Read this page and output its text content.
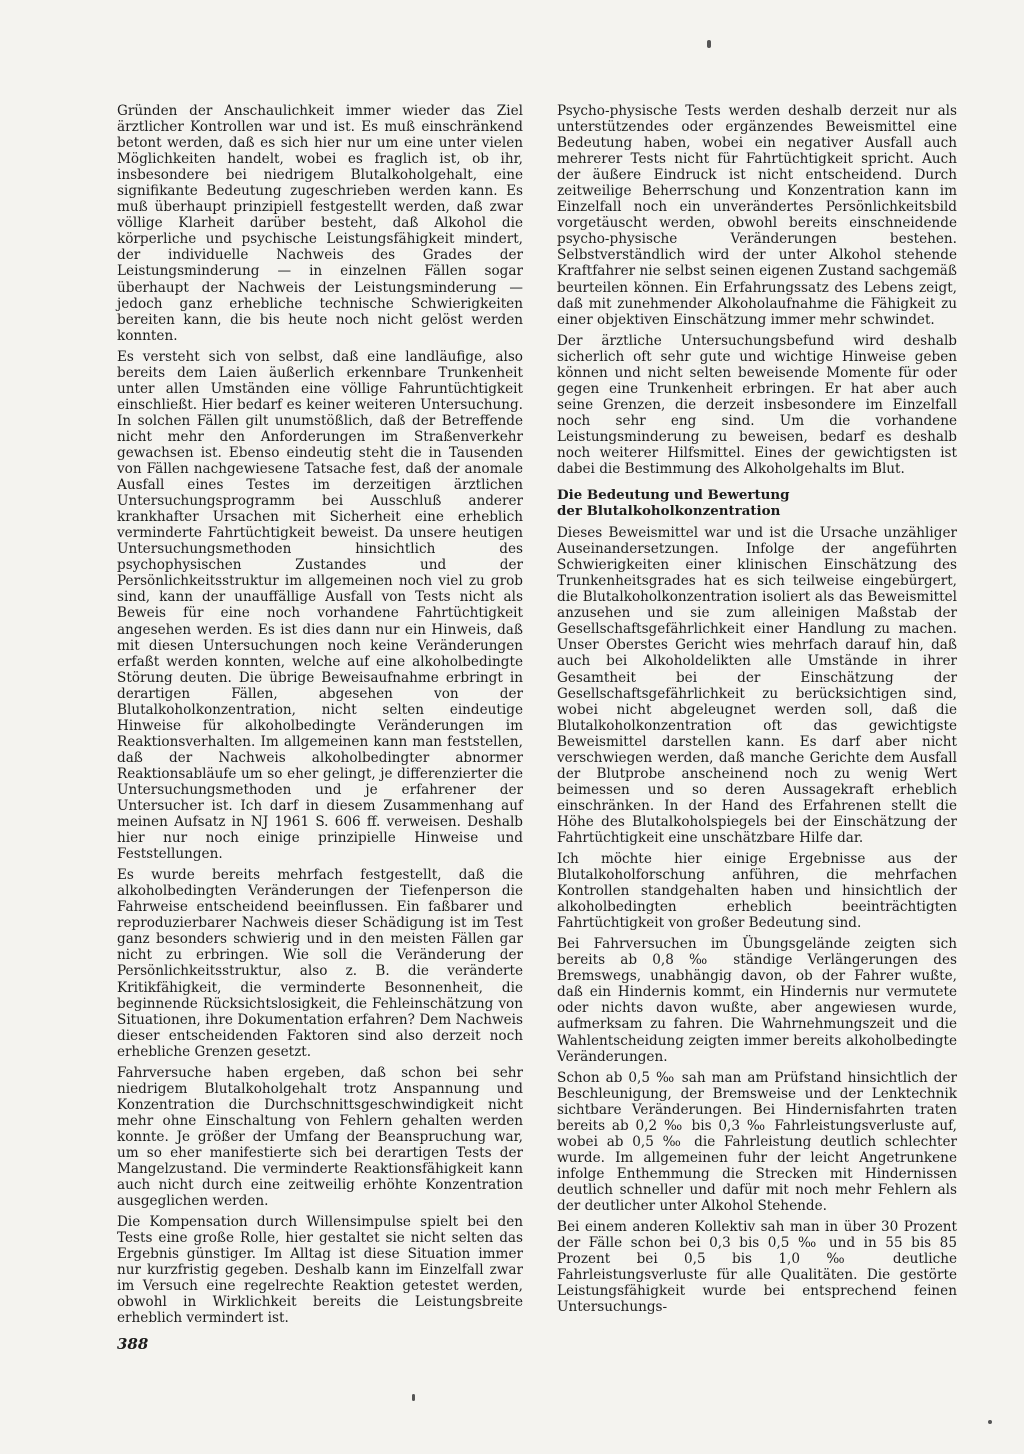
Gründen der Anschaulichkeit immer wieder das Ziel ärztlicher Kontrollen war und ist. Es muß einschränkend betont werden, daß es sich hier nur um eine unter vielen Möglichkeiten handelt, wobei es fraglich ist, ob ihr, insbesondere bei niedrigem Blutalkoholgehalt, eine signifikante Bedeutung zugeschrieben werden kann. Es muß überhaupt prinzipiell festgestellt werden, daß zwar völlige Klarheit darüber besteht, daß Alkohol die körperliche und psychische Leistungsfähigkeit mindert, der individuelle Nachweis des Grades der Leistungsminderung — in einzelnen Fällen sogar überhaupt der Nachweis der Leistungsminderung — jedoch ganz erhebliche technische Schwierigkeiten bereiten kann, die bis heute noch nicht gelöst werden konnten.

Es versteht sich von selbst, daß eine landläufige, also bereits dem Laien äußerlich erkennbare Trunkenheit unter allen Umständen eine völlige Fahruntüchtigkeit einschließt. Hier bedarf es keiner weiteren Untersuchung. In solchen Fällen gilt unumstößlich, daß der Betreffende nicht mehr den Anforderungen im Straßenverkehr gewachsen ist. Ebenso eindeutig steht die in Tausenden von Fällen nachgewiesene Tatsache fest, daß der anomale Ausfall eines Testes im derzeitigen ärztlichen Untersuchungsprogramm bei Ausschluß anderer krankhafter Ursachen mit Sicherheit eine erheblich verminderte Fahrtüchtigkeit beweist. Da unsere heutigen Untersuchungsmethoden hinsichtlich des psychophysischen Zustandes und der Persönlichkeitsstruktur im allgemeinen noch viel zu grob sind, kann der unauffällige Ausfall von Tests nicht als Beweis für eine noch vorhandene Fahrtüchtigkeit angesehen werden. Es ist dies dann nur ein Hinweis, daß mit diesen Untersuchungen noch keine Veränderungen erfaßt werden konnten, welche auf eine alkoholbedingte Störung deuten. Die übrige Beweisaufnahme erbringt in derartigen Fällen, abgesehen von der Blutalkoholkonzentration, nicht selten eindeutige Hinweise für alkoholbedingte Veränderungen im Reaktionsverhalten. Im allgemeinen kann man feststellen, daß der Nachweis alkoholbedingter abnormer Reaktionsabläufe um so eher gelingt, je differenzierter die Untersuchungsmethoden und je erfahrener der Untersucher ist. Ich darf in diesem Zusammenhang auf meinen Aufsatz in NJ 1961 S. 606 ff. verweisen. Deshalb hier nur noch einige prinzipielle Hinweise und Feststellungen.

Es wurde bereits mehrfach festgestellt, daß die alkoholbedingten Veränderungen der Tiefenperson die Fahrweise entscheidend beeinflussen. Ein faßbarer und reproduzierbarer Nachweis dieser Schädigung ist im Test ganz besonders schwierig und in den meisten Fällen gar nicht zu erbringen. Wie soll die Veränderung der Persönlichkeitsstruktur, also z. B. die veränderte Kritikfähigkeit, die verminderte Besonnenheit, die beginnende Rücksichtslosigkeit, die Fehleinschätzung von Situationen, ihre Dokumentation erfahren? Dem Nachweis dieser entscheidenden Faktoren sind also derzeit noch erhebliche Grenzen gesetzt.

Fahrversuche haben ergeben, daß schon bei sehr niedrigem Blutalkoholgehalt trotz Anspannung und Konzentration die Durchschnittsgeschwindigkeit nicht mehr ohne Einschaltung von Fehlern gehalten werden konnte. Je größer der Umfang der Beanspruchung war, um so eher manifestierte sich bei derartigen Tests der Mangelzustand. Die verminderte Reaktionsfähigkeit kann auch nicht durch eine zeitweilig erhöhte Konzentration ausgeglichen werden.

Die Kompensation durch Willensimpulse spielt bei den Tests eine große Rolle, hier gestaltet sie nicht selten das Ergebnis günstiger. Im Alltag ist diese Situation immer nur kurzfristig gegeben. Deshalb kann im Einzelfall zwar im Versuch eine regelrechte Reaktion getestet werden, obwohl in Wirklichkeit bereits die Leistungsbreite erheblich vermindert ist.

Psycho-physische Tests werden deshalb derzeit nur als unterstützendes oder ergänzendes Beweismittel eine Bedeutung haben, wobei ein negativer Ausfall auch mehrerer Tests nicht für Fahrtüchtigkeit spricht. Auch der äußere Eindruck ist nicht entscheidend. Durch zeitweilige Beherrschung und Konzentration kann im Einzelfall noch ein unverändertes Persönlichkeitsbild vorgetäuscht werden, obwohl bereits einschneidende psycho-physische Veränderungen bestehen. Selbstverständlich wird der unter Alkohol stehende Kraftfahrer nie selbst seinen eigenen Zustand sachgemäß beurteilen können. Ein Erfahrungssatz des Lebens zeigt, daß mit zunehmender Alkoholaufnahme die Fähigkeit zu einer objektiven Einschätzung immer mehr schwindet.

Der ärztliche Untersuchungsbefund wird deshalb sicherlich oft sehr gute und wichtige Hinweise geben können und nicht selten beweisende Momente für oder gegen eine Trunkenheit erbringen. Er hat aber auch seine Grenzen, die derzeit insbesondere im Einzelfall noch sehr eng sind. Um die vorhandene Leistungsminderung zu beweisen, bedarf es deshalb noch weiterer Hilfsmittel. Eines der gewichtigsten ist dabei die Bestimmung des Alkoholgehalts im Blut.

Die Bedeutung und Bewertung
der Blutalkoholkonzentration

Dieses Beweismittel war und ist die Ursache unzähliger Auseinandersetzungen. Infolge der angeführten Schwierigkeiten einer klinischen Einschätzung des Trunkenheitsgrades hat es sich teilweise eingebürgert, die Blutalkoholkonzentration isoliert als das Beweismittel anzusehen und sie zum alleinigen Maßstab der Gesellschaftsgefährlichkeit einer Handlung zu machen. Unser Oberstes Gericht wies mehrfach darauf hin, daß auch bei Alkoholdelikten alle Umstände in ihrer Gesamtheit bei der Einschätzung der Gesellschaftsgefährlichkeit zu berücksichtigen sind, wobei nicht abgeleugnet werden soll, daß die Blutalkoholkonzentration oft das gewichtigste Beweismittel darstellen kann. Es darf aber nicht verschwiegen werden, daß manche Gerichte dem Ausfall der Blutprobe anscheinend noch zu wenig Wert beimessen und so deren Aussagekraft erheblich einschränken. In der Hand des Erfahrenen stellt die Höhe des Blutalkoholspiegels bei der Einschätzung der Fahrtüchtigkeit eine unschätzbare Hilfe dar.

Ich möchte hier einige Ergebnisse aus der Blutalkoholforschung anführen, die mehrfachen Kontrollen standgehalten haben und hinsichtlich der alkoholbedingten erheblich beeinträchtigten Fahrtüchtigkeit von großer Bedeutung sind.

Bei Fahrversuchen im Übungsgelände zeigten sich bereits ab 0,8 ‰ ständige Verlängerungen des Bremswegs, unabhängig davon, ob der Fahrer wußte, daß ein Hindernis kommt, ein Hindernis nur vermutete oder nichts davon wußte, aber angewiesen wurde, aufmerksam zu fahren. Die Wahrnehmungszeit und die Wahlentscheidung zeigten immer bereits alkoholbedingte Veränderungen.

Schon ab 0,5 ‰ sah man am Prüfstand hinsichtlich der Beschleunigung, der Bremsweise und der Lenktechnik sichtbare Veränderungen. Bei Hindernisfahrten traten bereits ab 0,2 ‰ bis 0,3 ‰ Fahrleistungsverluste auf, wobei ab 0,5 ‰ die Fahrleistung deutlich schlechter wurde. Im allgemeinen fuhr der leicht Angetrunkene infolge Enthemmung die Strecken mit Hindernissen deutlich schneller und dafür mit noch mehr Fehlern als der deutlicher unter Alkohol Stehende.

Bei einem anderen Kollektiv sah man in über 30 Prozent der Fälle schon bei 0,3 bis 0,5 ‰ und in 55 bis 85 Prozent bei 0,5 bis 1,0 ‰ deutliche Fahrleistungsverluste für alle Qualitäten. Die gestörte Leistungsfähigkeit wurde bei entsprechend feinen Untersuchungs-

388
